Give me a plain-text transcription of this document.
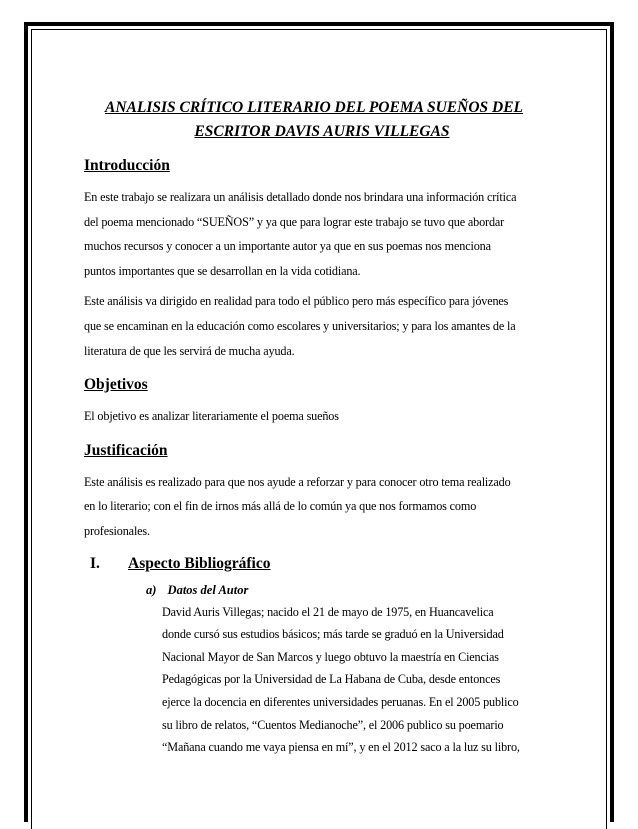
ANALISIS CRÍTICO LITERARIO DEL POEMA SUEÑOS DEL
ESCRITOR DAVIS AURIS VILLEGAS
Introducción

En este trabajo se realizara un análisis detallado donde nos brindara una información crítica
del poema mencionado “SUEÑOS” y ya que para lograr este trabajo se tuvo que abordar
muchos recursos y conocer a un importante autor ya que en sus poemas nos menciona
puntos importantes que se desarrollan en la vida cotidiana.

Este análisis va dirigido en realidad para todo el público pero más específico para jóvenes
que se encaminan en la educación como escolares y universitarios; y para los amantes de la
literatura de que les servirá de mucha ayuda.

Objetivos

El objetivo es analizar literariamente el poema sueños

Justificación

Este análisis es realizado para que nos ayude a reforzar y para conocer otro tema realizado
en lo literario; con el fin de irnos más allá de lo común ya que nos formamos como
profesionales.

I.	Aspecto Bibliográfico
a) Datos del Autor

David Auris Villegas; nacido el 21 de mayo de 1975, en Huancavelica
donde cursó sus estudios básicos; más tarde se graduó en la Universidad
Nacional Mayor de San Marcos y luego obtuvo la maestría en Ciencias
Pedagógicas por la Universidad de La Habana de Cuba, desde entonces
ejerce la docencia en diferentes universidades peruanas. En el 2005 publico
su libro de relatos, “Cuentos Medianoche”, el 2006 publico su poemario
“Mañana cuando me vaya piensa en mí”, y en el 2012 saco a la luz su libro,
